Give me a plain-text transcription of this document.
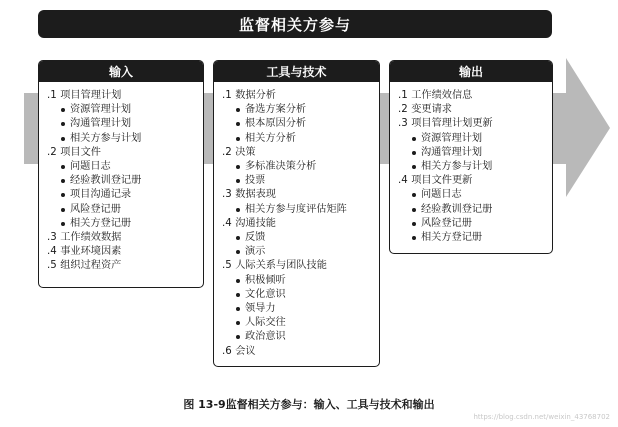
监督相关方参与
输入
.1 项目管理计划
资源管理计划
沟通管理计划
相关方参与计划
.2 项目文件
问题日志
经验教训登记册
项目沟通记录
风险登记册
相关方登记册
.3 工作绩效数据
.4 事业环境因素
.5 组织过程资产
工具与技术
.1 数据分析
备选方案分析
根本原因分析
相关方分析
.2 决策
多标准决策分析
投票
.3 数据表现
相关方参与度评估矩阵
.4 沟通技能
反馈
演示
.5 人际关系与团队技能
积极倾听
文化意识
领导力
人际交往
政治意识
.6 会议
输出
.1 工作绩效信息
.2 变更请求
.3 项目管理计划更新
资源管理计划
沟通管理计划
相关方参与计划
.4 项目文件更新
问题日志
经验教训登记册
风险登记册
相关方登记册
图 13-9监督相关方参与：输入、工具与技术和输出
https://blog.csdn.net/weixin_43768702
